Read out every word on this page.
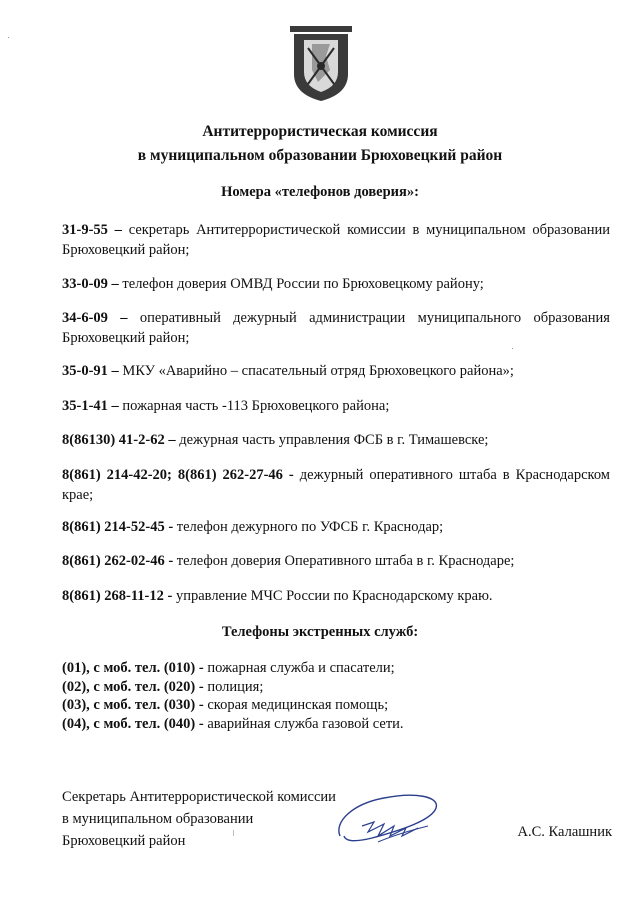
Антитеррористическая комиссия
в муниципальном образовании Брюховецкий район
Номера «телефонов доверия»:

31-9-55 – секретарь Антитеррористической комиссии в муниципальном образовании Брюховецкий район;

33-0-09 – телефон доверия ОМВД России по Брюховецкому району;

34-6-09 – оперативный дежурный администрации муниципального образования Брюховецкий район;

35-0-91 – МКУ «Аварийно – спасательный отряд Брюховецкого района»;

35-1-41 – пожарная часть -113 Брюховецкого района;

8(86130) 41-2-62 – дежурная часть управления ФСБ в г. Тимашевске;

8(861) 214-42-20; 8(861) 262-27-46 - дежурный оперативного штаба в Краснодарском крае;

8(861) 214-52-45 - телефон дежурного по УФСБ г. Краснодар;

8(861) 262-02-46 - телефон доверия Оперативного штаба в г. Краснодаре;

8(861) 268-11-12 - управление МЧС России по Краснодарскому краю.

Телефоны экстренных служб:
(01), с моб. тел. (010) - пожарная служба и спасатели;
(02), с моб. тел. (020) - полиция;
(03), с моб. тел. (030) - скорая медицинская помощь;
(04), с моб. тел. (040) - аварийная служба газовой сети.
Секретарь Антитеррористической комиссии
в муниципальном образовании
Брюховецкий район
А.С. Калашник
